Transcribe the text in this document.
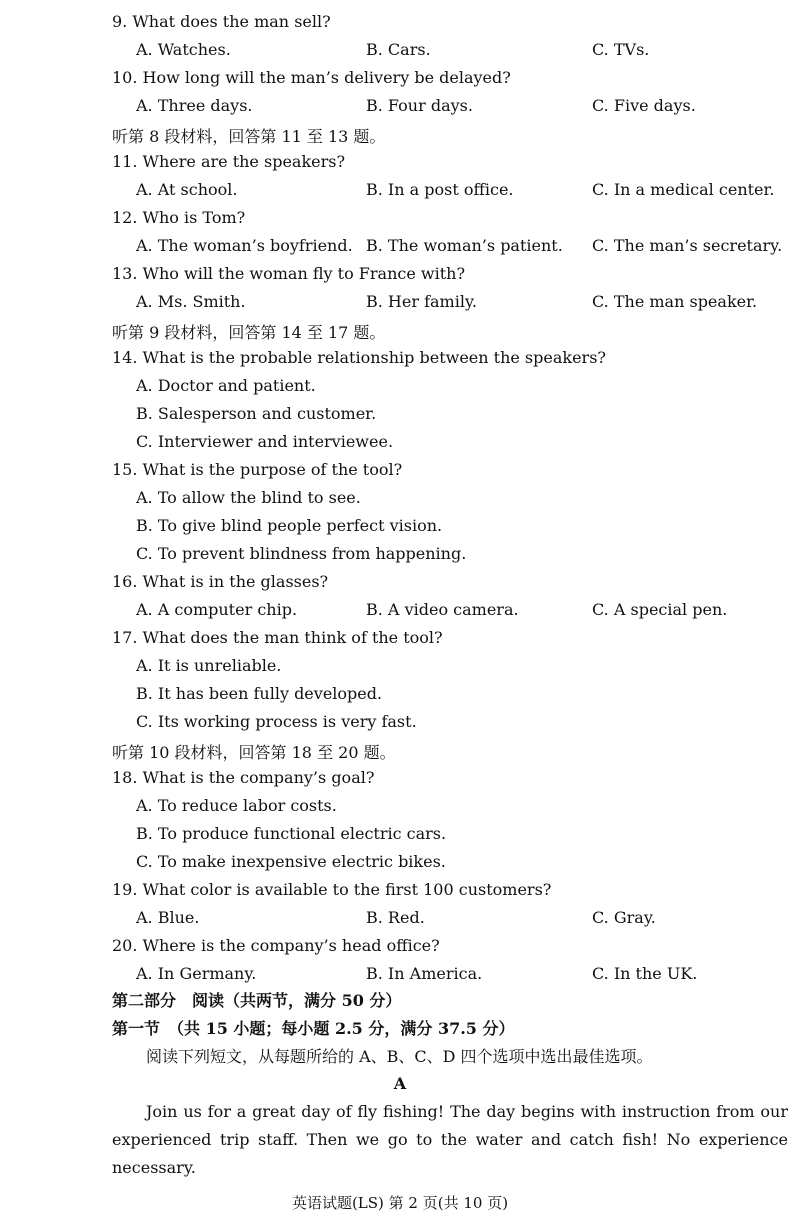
9. What does the man sell?
A. Watches.	B. Cars.	C. TVs.
10. How long will the man’s delivery be delayed?
A. Three days.	B. Four days.	C. Five days.
听第 8 段材料，回答第 11 至 13 题。
11. Where are the speakers?
A. At school.	B. In a post office.	C. In a medical center.
12. Who is Tom?
A. The woman’s boyfriend. B. The woman’s patient. C. The man’s secretary.
13. Who will the woman fly to France with?
A. Ms. Smith.	B. Her family.	C. The man speaker.
听第 9 段材料，回答第 14 至 17 题。
14. What is the probable relationship between the speakers?
A. Doctor and patient.
B. Salesperson and customer.
C. Interviewer and interviewee.
15. What is the purpose of the tool?
A. To allow the blind to see.
B. To give blind people perfect vision.
C. To prevent blindness from happening.
16. What is in the glasses?
A. A computer chip.	B. A video camera.	C. A special pen.
17. What does the man think of the tool?
A. It is unreliable.
B. It has been fully developed.
C. Its working process is very fast.
听第 10 段材料，回答第 18 至 20 题。
18. What is the company’s goal?
A. To reduce labor costs.
B. To produce functional electric cars.
C. To make inexpensive electric bikes.
19. What color is available to the first 100 customers?
A. Blue.	B. Red.	C. Gray.
20. Where is the company’s head office?
A. In Germany.	B. In America.	C. In the UK.
第二部分　阅读（共两节，满分 50 分）
第一节　（共 15 小题；每小题 2.5 分，满分 37.5 分）
阅读下列短文，从每题所给的 A、B、C、D 四个选项中选出最佳选项。
A
Join us for a great day of fly fishing! The day begins with instruction from our experienced trip staff. Then we go to the water and catch fish! No experience necessary.
英语试题(LS) 第 2 页(共 10 页)
